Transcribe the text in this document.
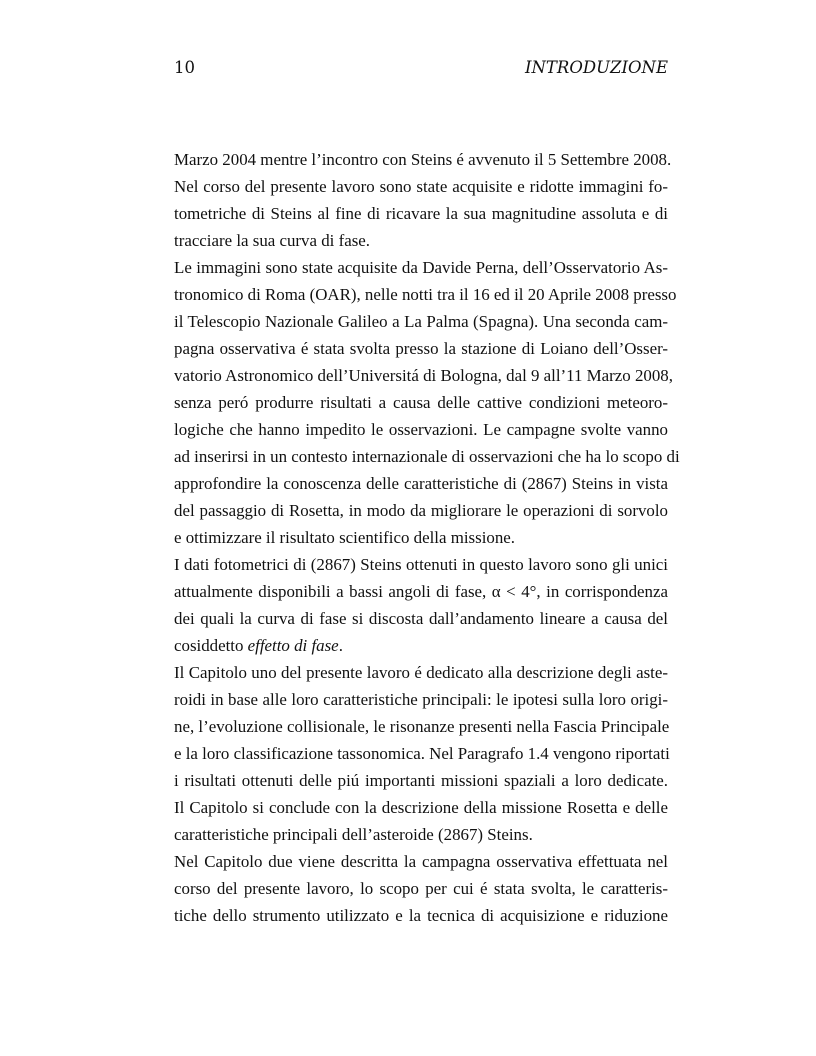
10	INTRODUZIONE
Marzo 2004 mentre l’incontro con Steins é avvenuto il 5 Settembre 2008.
Nel corso del presente lavoro sono state acquisite e ridotte immagini fo-
tometriche di Steins al fine di ricavare la sua magnitudine assoluta e di
tracciare la sua curva di fase.
Le immagini sono state acquisite da Davide Perna, dell’Osservatorio As-
tronomico di Roma (OAR), nelle notti tra il 16 ed il 20 Aprile 2008 presso
il Telescopio Nazionale Galileo a La Palma (Spagna). Una seconda cam-
pagna osservativa é stata svolta presso la stazione di Loiano dell’Osser-
vatorio Astronomico dell’Universitá di Bologna, dal 9 all’11 Marzo 2008,
senza peró produrre risultati a causa delle cattive condizioni meteoro-
logiche che hanno impedito le osservazioni. Le campagne svolte vanno
ad inserirsi in un contesto internazionale di osservazioni che ha lo scopo di
approfondire la conoscenza delle caratteristiche di (2867) Steins in vista
del passaggio di Rosetta, in modo da migliorare le operazioni di sorvolo
e ottimizzare il risultato scientifico della missione.
I dati fotometrici di (2867) Steins ottenuti in questo lavoro sono gli unici
attualmente disponibili a bassi angoli di fase, α < 4°, in corrispondenza
dei quali la curva di fase si discosta dall’andamento lineare a causa del
cosiddetto effetto di fase.
Il Capitolo uno del presente lavoro é dedicato alla descrizione degli aste-
roidi in base alle loro caratteristiche principali: le ipotesi sulla loro origi-
ne, l’evoluzione collisionale, le risonanze presenti nella Fascia Principale
e la loro classificazione tassonomica. Nel Paragrafo 1.4 vengono riportati
i risultati ottenuti delle piú importanti missioni spaziali a loro dedicate.
Il Capitolo si conclude con la descrizione della missione Rosetta e delle
caratteristiche principali dell’asteroide (2867) Steins.
Nel Capitolo due viene descritta la campagna osservativa effettuata nel
corso del presente lavoro, lo scopo per cui é stata svolta, le caratteris-
tiche dello strumento utilizzato e la tecnica di acquisizione e riduzione
